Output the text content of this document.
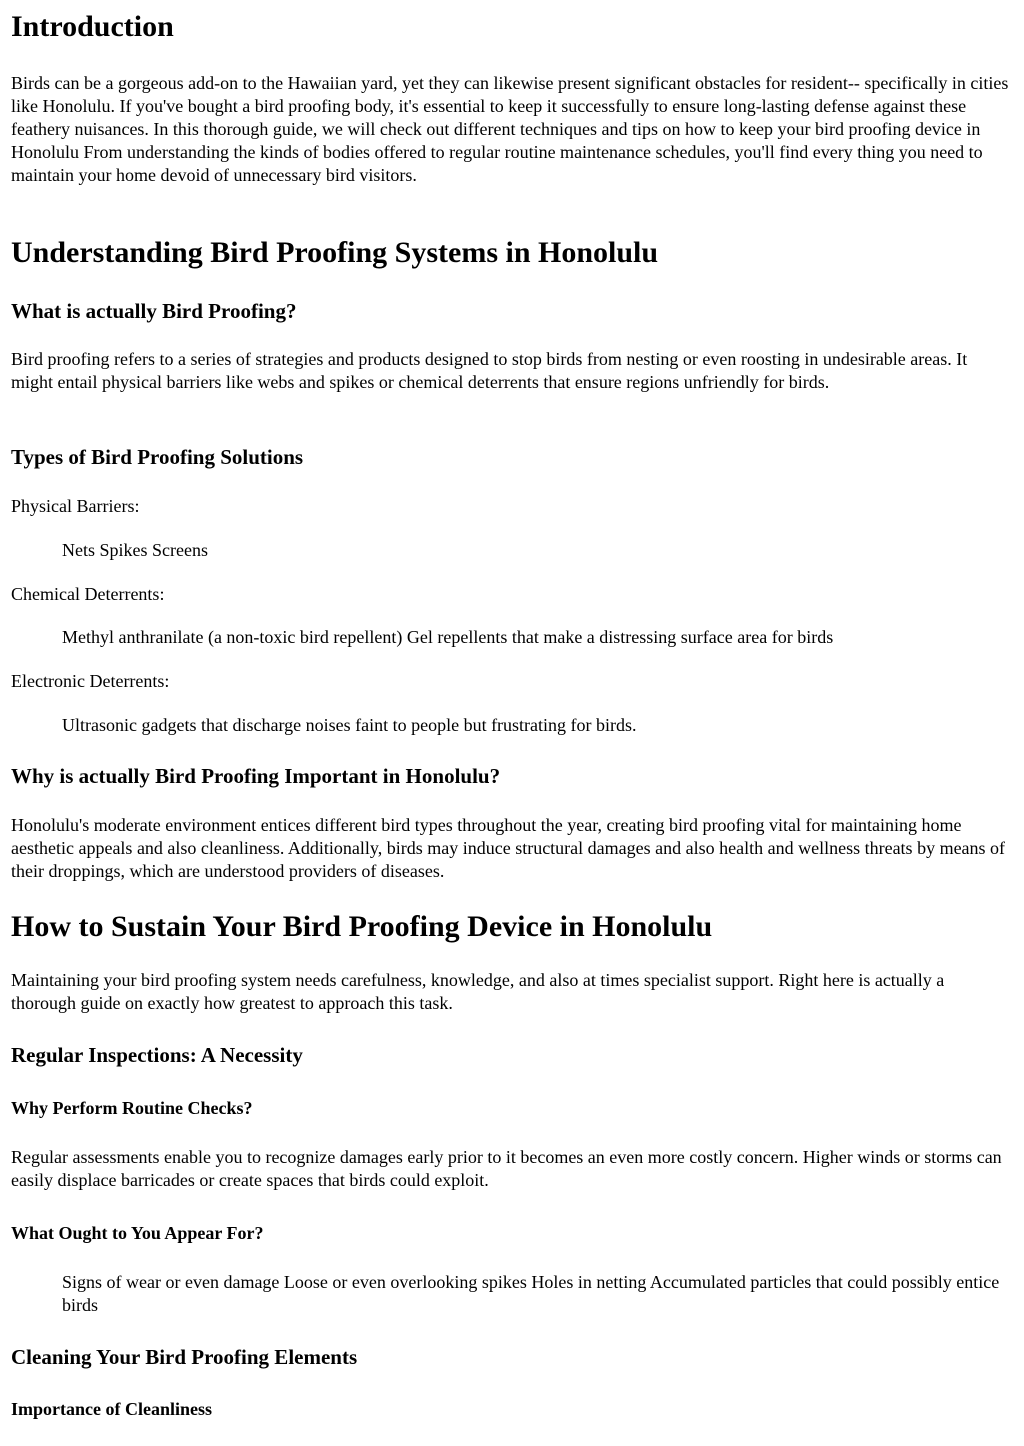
Introduction

Birds can be a gorgeous add-on to the Hawaiian yard, yet they can likewise present significant obstacles for resident-- specifically in cities like Honolulu. If you've bought a bird proofing body, it's essential to keep it successfully to ensure long-lasting defense against these feathery nuisances. In this thorough guide, we will check out different techniques and tips on how to keep your bird proofing device in Honolulu From understanding the kinds of bodies offered to regular routine maintenance schedules, you'll find every thing you need to maintain your home devoid of unnecessary bird visitors.

Understanding Bird Proofing Systems in Honolulu
What is actually Bird Proofing?

Bird proofing refers to a series of strategies and products designed to stop birds from nesting or even roosting in undesirable areas. It might entail physical barriers like webs and spikes or chemical deterrents that ensure regions unfriendly for birds.

Types of Bird Proofing Solutions

Physical Barriers:

Nets Spikes Screens

Chemical Deterrents:

Methyl anthranilate (a non-toxic bird repellent) Gel repellents that make a distressing surface area for birds

Electronic Deterrents:

Ultrasonic gadgets that discharge noises faint to people but frustrating for birds.

Why is actually Bird Proofing Important in Honolulu?

Honolulu's moderate environment entices different bird types throughout the year, creating bird proofing vital for maintaining home aesthetic appeals and also cleanliness. Additionally, birds may induce structural damages and also health and wellness threats by means of their droppings, which are understood providers of diseases.

How to Sustain Your Bird Proofing Device in Honolulu

Maintaining your bird proofing system needs carefulness, knowledge, and also at times specialist support. Right here is actually a thorough guide on exactly how greatest to approach this task.

Regular Inspections: A Necessity
Why Perform Routine Checks?

Regular assessments enable you to recognize damages early prior to it becomes an even more costly concern. Higher winds or storms can easily displace barricades or create spaces that birds could exploit.

What Ought to You Appear For?

Signs of wear or even damage Loose or even overlooking spikes Holes in netting Accumulated particles that could possibly entice birds

Cleaning Your Bird Proofing Elements
Importance of Cleanliness
